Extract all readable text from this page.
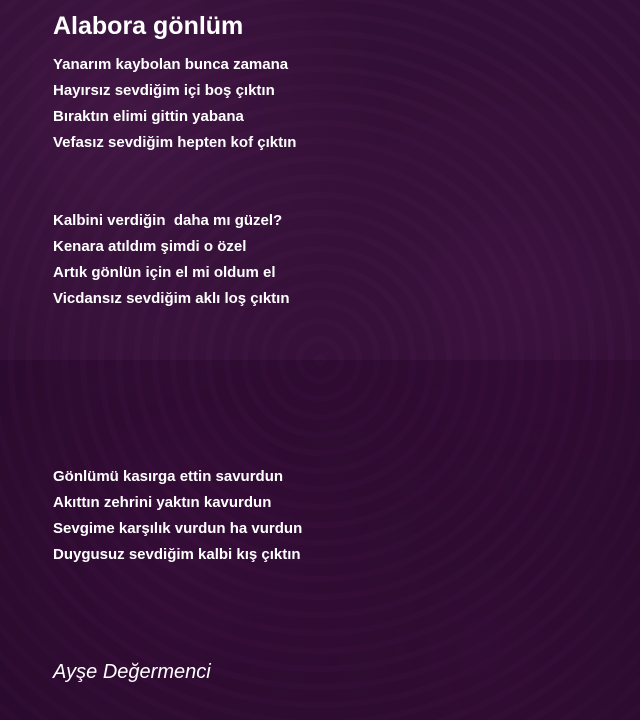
Alabora gönlüm
Yanarım kaybolan bunca zamana
Hayırsız sevdiğim içi boş çıktın
Bıraktın elimi gittin yabana
Vefasız sevdiğim hepten kof çıktın
Kalbini verdiğin  daha mı güzel?
Kenara atıldım şimdi o özel
Artık gönlün için el mi oldum el
Vicdansız sevdiğim aklı loş çıktın
Gönlümü kasırga ettin savurdun
Akıttın zehrini yaktın kavurdun
Sevgime karşılık vurdun ha vurdun
Duygusuz sevdiğim kalbi kış çıktın
Ayşe Değermenci
